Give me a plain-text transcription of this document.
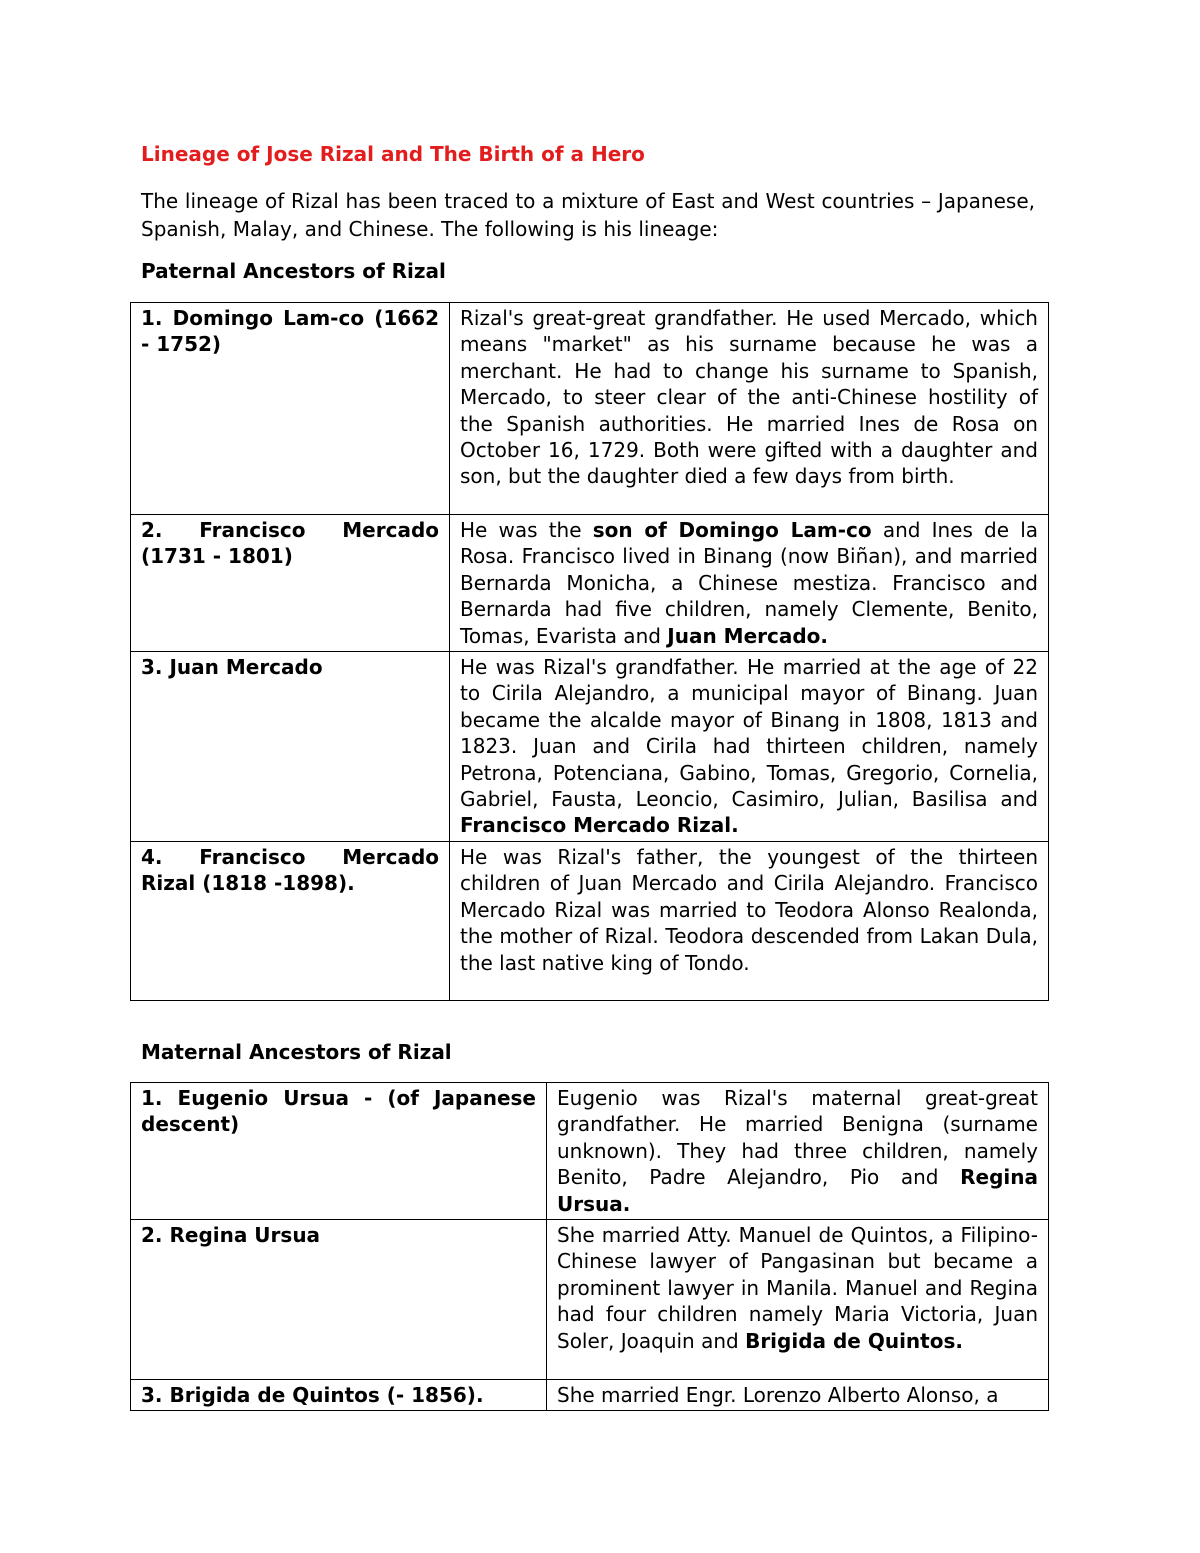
Lineage of Jose Rizal and The Birth of a Hero

The lineage of Rizal has been traced to a mixture of East and West countries – Japanese, Spanish, Malay, and Chinese. The following is his lineage:

Paternal Ancestors of Rizal
1. Domingo Lam-co (1662 - 1752)	Rizal's great-great grandfather. He used Mercado, which means "market" as his surname because he was a merchant. He had to change his surname to Spanish, Mercado, to steer clear of the anti-Chinese hostility of the Spanish authorities. He married Ines de Rosa on October 16, 1729. Both were gifted with a daughter and son, but the daughter died a few days from birth.
2. Francisco Mercado (1731 - 1801)	He was the son of Domingo Lam-co and Ines de la Rosa. Francisco lived in Binang (now Biñan), and married Bernarda Monicha, a Chinese mestiza. Francisco and Bernarda had five children, namely Clemente, Benito, Tomas, Evarista and Juan Mercado.
3. Juan Mercado	He was Rizal's grandfather. He married at the age of 22 to Cirila Alejandro, a municipal mayor of Binang. Juan became the alcalde mayor of Binang in 1808, 1813 and 1823. Juan and Cirila had thirteen children, namely Petrona, Potenciana, Gabino, Tomas, Gregorio, Cornelia, Gabriel, Fausta, Leoncio, Casimiro, Julian, Basilisa and Francisco Mercado Rizal.
4. Francisco Mercado Rizal (1818 -1898).	He was Rizal's father, the youngest of the thirteen children of Juan Mercado and Cirila Alejandro. Francisco Mercado Rizal was married to Teodora Alonso Realonda, the mother of Rizal. Teodora descended from Lakan Dula, the last native king of Tondo.
Maternal Ancestors of Rizal
1. Eugenio Ursua - (of Japanese descent)	Eugenio was Rizal's maternal great-great grandfather. He married Benigna (surname unknown). They had three children, namely Benito, Padre Alejandro, Pio and Regina Ursua.
2. Regina Ursua	She married Atty. Manuel de Quintos, a Filipino-Chinese lawyer of Pangasinan but became a prominent lawyer in Manila. Manuel and Regina had four children namely Maria Victoria, Juan Soler, Joaquin and Brigida de Quintos.
3. Brigida de Quintos (- 1856).	She married Engr. Lorenzo Alberto Alonso, a
